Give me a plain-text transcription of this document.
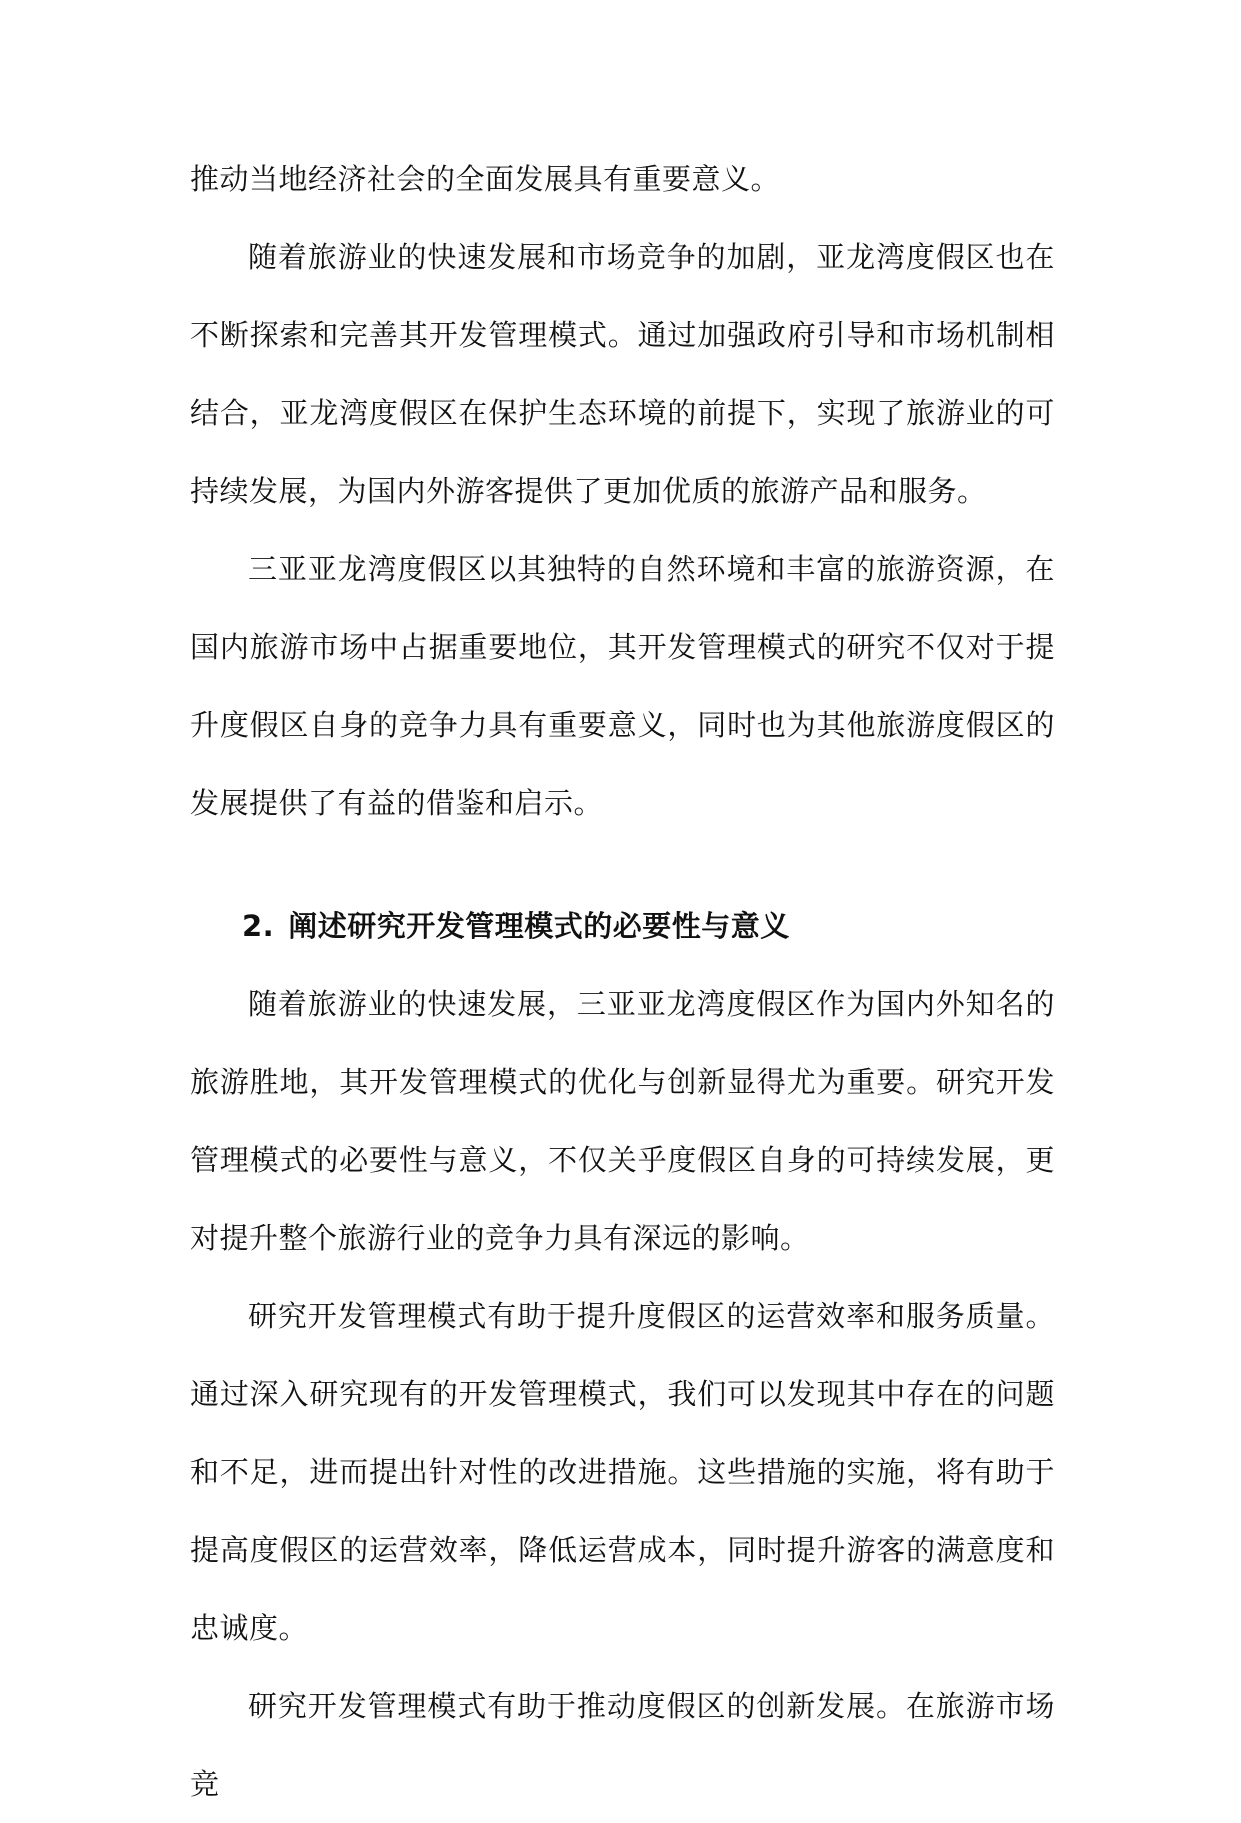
推动当地经济社会的全面发展具有重要意义。

随着旅游业的快速发展和市场竞争的加剧，亚龙湾度假区也在不断探索和完善其开发管理模式。通过加强政府引导和市场机制相结合，亚龙湾度假区在保护生态环境的前提下，实现了旅游业的可持续发展，为国内外游客提供了更加优质的旅游产品和服务。

三亚亚龙湾度假区以其独特的自然环境和丰富的旅游资源，在国内旅游市场中占据重要地位，其开发管理模式的研究不仅对于提升度假区自身的竞争力具有重要意义，同时也为其他旅游度假区的发展提供了有益的借鉴和启示。

2. 阐述研究开发管理模式的必要性与意义

随着旅游业的快速发展，三亚亚龙湾度假区作为国内外知名的旅游胜地，其开发管理模式的优化与创新显得尤为重要。研究开发管理模式的必要性与意义，不仅关乎度假区自身的可持续发展，更对提升整个旅游行业的竞争力具有深远的影响。

研究开发管理模式有助于提升度假区的运营效率和服务质量。通过深入研究现有的开发管理模式，我们可以发现其中存在的问题和不足，进而提出针对性的改进措施。这些措施的实施，将有助于提高度假区的运营效率，降低运营成本，同时提升游客的满意度和忠诚度。

研究开发管理模式有助于推动度假区的创新发展。在旅游市场竞
